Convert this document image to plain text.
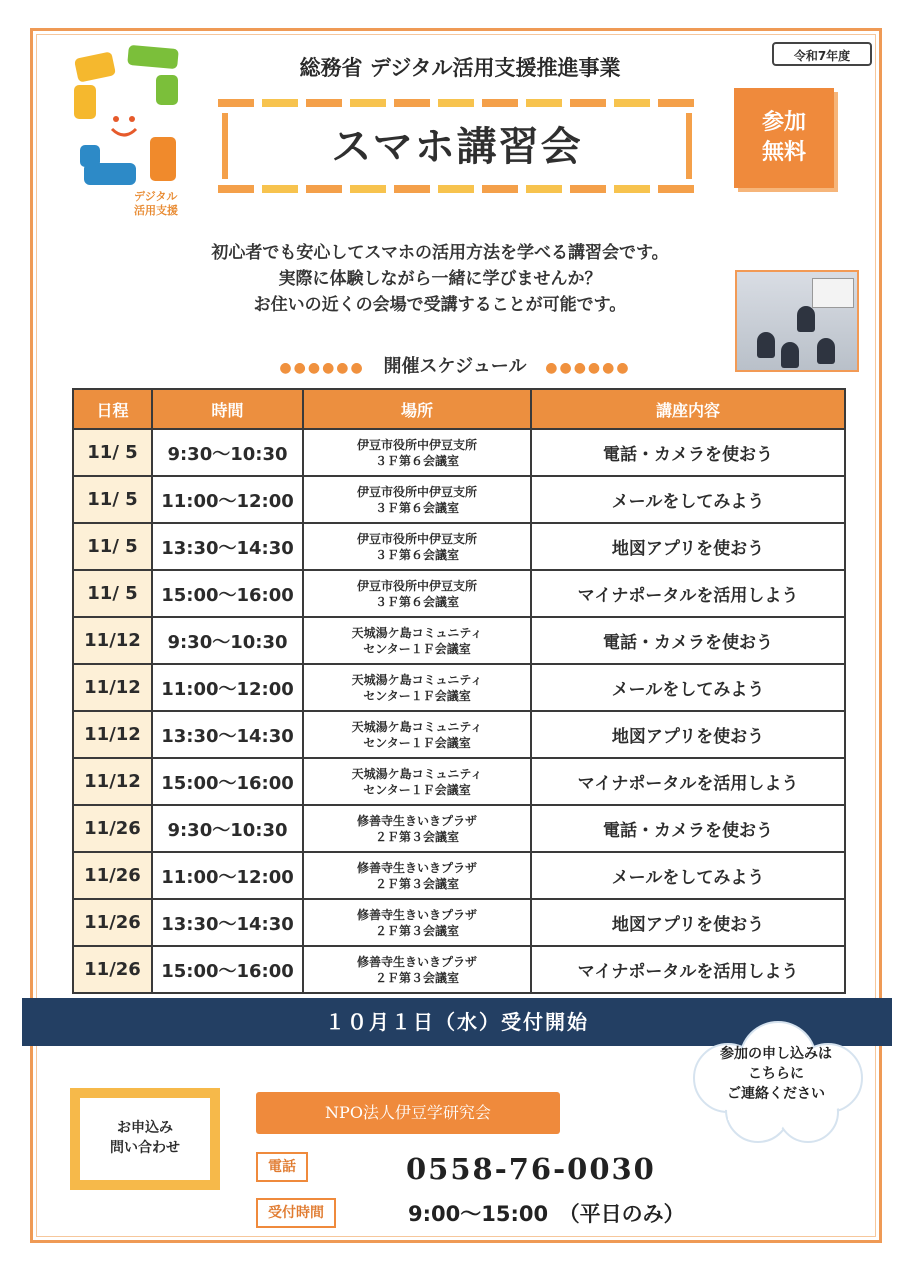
デジタル
活用支援
令和7年度
総務省 デジタル活用支援推進事業
スマホ講習会
参加
無料
初心者でも安心してスマホの活用方法を学べる講習会です。
実際に体験しながら一緒に学びませんか？
お住いの近くの会場で受講することが可能です。
●●●●●● 開催スケジュール ●●●●●●
日程	時間	場所	講座内容
11/ 5	9:30〜10:30	伊豆市役所中伊豆支所
３Ｆ第６会議室	電話・カメラを使おう
11/ 5	11:00〜12:00	伊豆市役所中伊豆支所
３Ｆ第６会議室	メールをしてみよう
11/ 5	13:30〜14:30	伊豆市役所中伊豆支所
３Ｆ第６会議室	地図アプリを使おう
11/ 5	15:00〜16:00	伊豆市役所中伊豆支所
３Ｆ第６会議室	マイナポータルを活用しよう
11/12	9:30〜10:30	天城湯ケ島コミュニティ
センター１Ｆ会議室	電話・カメラを使おう
11/12	11:00〜12:00	天城湯ケ島コミュニティ
センター１Ｆ会議室	メールをしてみよう
11/12	13:30〜14:30	天城湯ケ島コミュニティ
センター１Ｆ会議室	地図アプリを使おう
11/12	15:00〜16:00	天城湯ケ島コミュニティ
センター１Ｆ会議室	マイナポータルを活用しよう
11/26	9:30〜10:30	修善寺生きいきプラザ
２Ｆ第３会議室	電話・カメラを使おう
11/26	11:00〜12:00	修善寺生きいきプラザ
２Ｆ第３会議室	メールをしてみよう
11/26	13:30〜14:30	修善寺生きいきプラザ
２Ｆ第３会議室	地図アプリを使おう
11/26	15:00〜16:00	修善寺生きいきプラザ
２Ｆ第３会議室	マイナポータルを活用しよう
１０月１日（水）受付開始
参加の申し込みは
こちらに
ご連絡ください
お申込み
問い合わせ
NPO法人伊豆学研究会
電話	0558-76-0030
受付時間	9:00〜15:00　（平日のみ）
